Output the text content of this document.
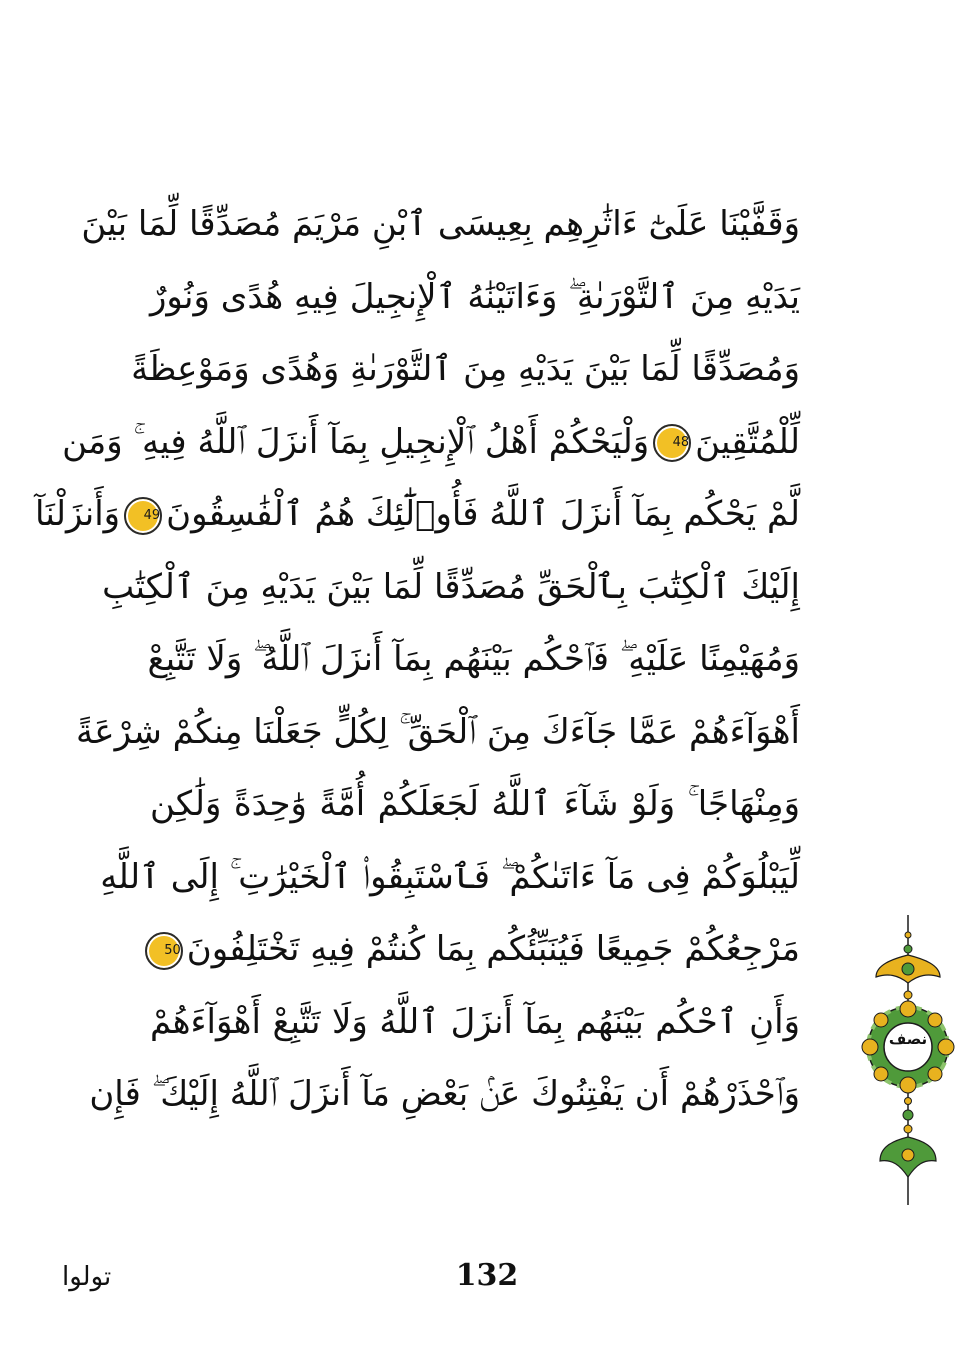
وَقَفَّيْنَا عَلَىٰٓ ءَاثَٰرِهِم بِعِيسَى ٱبْنِ مَرْيَمَ مُصَدِّقًا لِّمَا بَيْنَ
يَدَيْهِ مِنَ ٱلتَّوْرَىٰةِ ۖ وَءَاتَيْنَٰهُ ٱلْإِنجِيلَ فِيهِ هُدًى وَنُورٌ
وَمُصَدِّقًا لِّمَا بَيْنَ يَدَيْهِ مِنَ ٱلتَّوْرَىٰةِ وَهُدًى وَمَوْعِظَةً
لِّلْمُتَّقِينَ48وَلْيَحْكُمْ أَهْلُ ٱلْإِنجِيلِ بِمَآ أَنزَلَ ٱللَّهُ فِيهِ ۚ وَمَن
لَّمْ يَحْكُم بِمَآ أَنزَلَ ٱللَّهُ فَأُو۟لَٰٓئِكَ هُمُ ٱلْفَٰسِقُونَ49وَأَنزَلْنَآ
إِلَيْكَ ٱلْكِتَٰبَ بِٱلْحَقِّ مُصَدِّقًا لِّمَا بَيْنَ يَدَيْهِ مِنَ ٱلْكِتَٰبِ
وَمُهَيْمِنًا عَلَيْهِ ۖ فَٱحْكُم بَيْنَهُم بِمَآ أَنزَلَ ٱللَّهُ ۖ وَلَا تَتَّبِعْ
أَهْوَآءَهُمْ عَمَّا جَآءَكَ مِنَ ٱلْحَقِّ ۚ لِكُلٍّ جَعَلْنَا مِنكُمْ شِرْعَةً
وَمِنْهَاجًا ۚ وَلَوْ شَآءَ ٱللَّهُ لَجَعَلَكُمْ أُمَّةً وَٰحِدَةً وَلَٰكِن
لِّيَبْلُوَكُمْ فِى مَآ ءَاتَىٰكُمْ ۖ فَٱسْتَبِقُوا۟ ٱلْخَيْرَٰتِ ۚ إِلَى ٱللَّهِ
مَرْجِعُكُمْ جَمِيعًا فَيُنَبِّئُكُم بِمَا كُنتُمْ فِيهِ تَخْتَلِفُونَ50
وَأَنِ ٱحْكُم بَيْنَهُم بِمَآ أَنزَلَ ٱللَّهُ وَلَا تَتَّبِعْ أَهْوَآءَهُمْ
وَٱحْذَرْهُمْ أَن يَفْتِنُوكَ عَنۢ بَعْضِ مَآ أَنزَلَ ٱللَّهُ إِلَيْكَ ۖ فَإِن
نصف
132
تولوا
